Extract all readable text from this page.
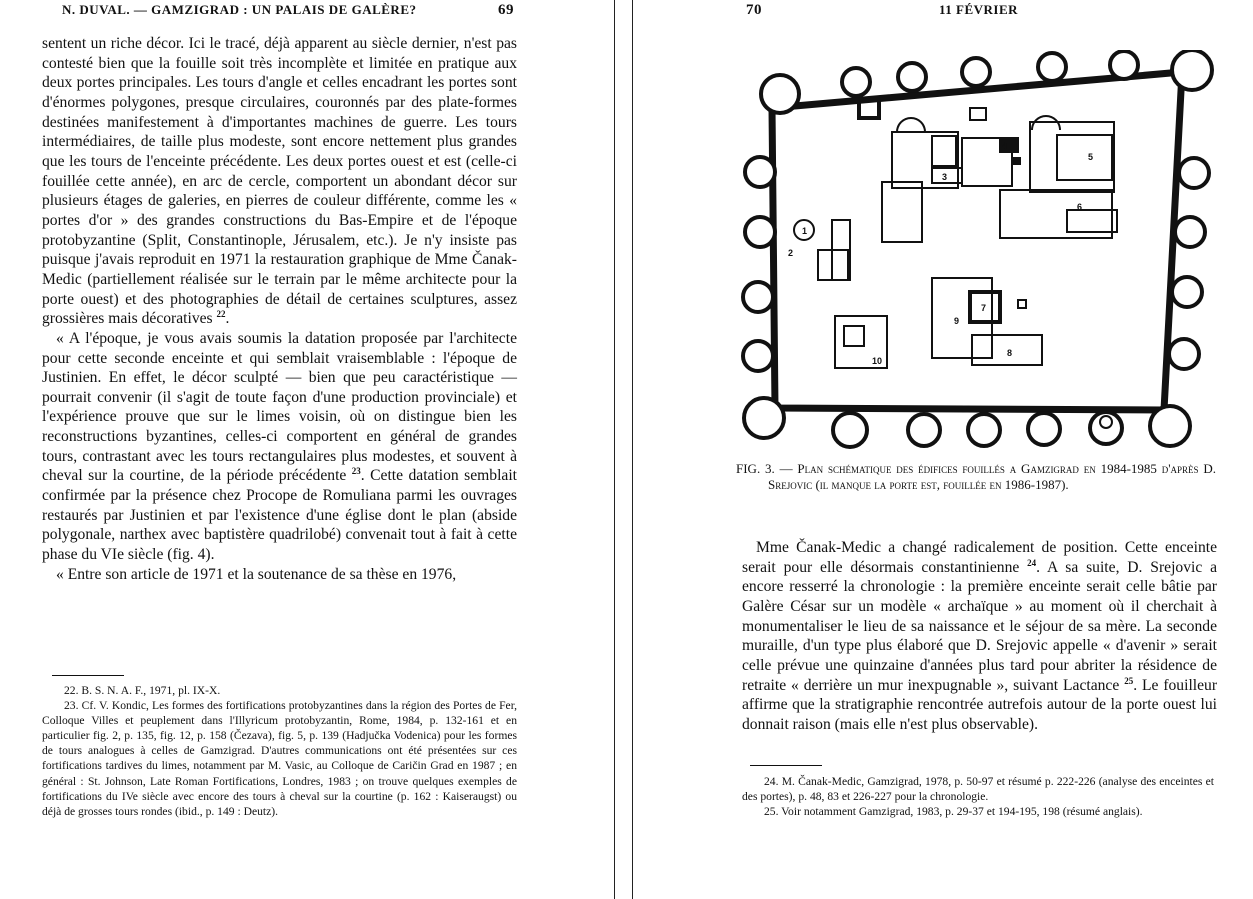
N. DUVAL. — GAMZIGRAD : UN PALAIS DE GALÈRE?	69

sentent un riche décor. Ici le tracé, déjà apparent au siècle dernier, n'est pas contesté bien que la fouille soit très incomplète et limitée en pratique aux deux portes principales. Les tours d'angle et celles encadrant les portes sont d'énormes polygones, presque circulaires, couronnés par des plate-formes destinées manifestement à d'importantes machines de guerre. Les tours intermédiaires, de taille plus modeste, sont encore nettement plus grandes que les tours de l'enceinte précédente. Les deux portes ouest et est (celle-ci fouillée cette année), en arc de cercle, comportent un abondant décor sur plusieurs étages de galeries, en pierres de couleur différente, comme les « portes d'or » des grandes constructions du Bas-Empire et de l'époque protobyzantine (Split, Constantinople, Jérusalem, etc.). Je n'y insiste pas puisque j'avais reproduit en 1971 la restauration graphique de Mme Čanak-Medic (partiellement réalisée sur le terrain par le même architecte pour la porte ouest) et des photographies de détail de certaines sculptures, assez grossières mais décoratives $^{22}$.

« A l'époque, je vous avais soumis la datation proposée par l'architecte pour cette seconde enceinte et qui semblait vraisemblable : l'époque de Justinien. En effet, le décor sculpté — bien que peu caractéristique — pourrait convenir (il s'agit de toute façon d'une production provinciale) et l'expérience prouve que sur le limes voisin, où on distingue bien les reconstructions byzantines, celles-ci comportent en général de grandes tours, contrastant avec les tours rectangulaires plus modestes, et souvent à cheval sur la courtine, de la période précédente $^{23}$. Cette datation semblait confirmée par la présence chez Procope de Romuliana parmi les ouvrages restaurés par Justinien et par l'existence d'une église dont le plan (abside polygonale, narthex avec baptistère quadrilobé) convenait tout à fait à cette phase du VIe siècle (fig. 4).

« Entre son article de 1971 et la soutenance de sa thèse en 1976,

22. B. S. N. A. F., 1971, pl. IX-X.

23. Cf. V. Kondic, Les formes des fortifications protobyzantines dans la région des Portes de Fer, Colloque Villes et peuplement dans l'Illyricum protobyzantin, Rome, 1984, p. 132-161 et en particulier fig. 2, p. 135, fig. 12, p. 158 (Čezava), fig. 5, p. 139 (Hadjučka Vodenica) pour les formes de tours analogues à celles de Gamzigrad. D'autres communications ont été présentées sur ces fortifications tardives du limes, notamment par M. Vasic, au Colloque de Caričin Grad en 1987 ; en général : St. Johnson, Late Roman Fortifications, Londres, 1983 ; on trouve quelques exemples de fortifications du IVe siècle avec encore des tours à cheval sur la courtine (p. 162 : Kaiseraugst) ou déjà de grosses tours rondes (ibid., p. 149 : Deutz).

70	11 FÉVRIER
1
2
3
4
5
6
7
8
9
10

FIG. 3. — Plan schématique des édifices fouillés a Gamzigrad en 1984-1985 d'après D. Srejovic (il manque la porte est, fouillée en 1986-1987).

Mme Čanak-Medic a changé radicalement de position. Cette enceinte serait pour elle désormais constantinienne $^{24}$. A sa suite, D. Srejovic a encore resserré la chronologie : la première enceinte serait celle bâtie par Galère César sur un modèle « archaïque » au moment où il cherchait à monumentaliser le lieu de sa naissance et le séjour de sa mère. La seconde muraille, d'un type plus élaboré que D. Srejovic appelle « d'avenir » serait celle prévue une quinzaine d'années plus tard pour abriter la résidence de retraite « derrière un mur inexpugnable », suivant Lactance $^{25}$. Le fouilleur affirme que la stratigraphie rencontrée autrefois autour de la porte ouest lui donnait raison (mais elle n'est plus observable).

24. M. Čanak-Medic, Gamzigrad, 1978, p. 50-97 et résumé p. 222-226 (analyse des enceintes et des portes), p. 48, 83 et 226-227 pour la chronologie.

25. Voir notamment Gamzigrad, 1983, p. 29-37 et 194-195, 198 (résumé anglais).
